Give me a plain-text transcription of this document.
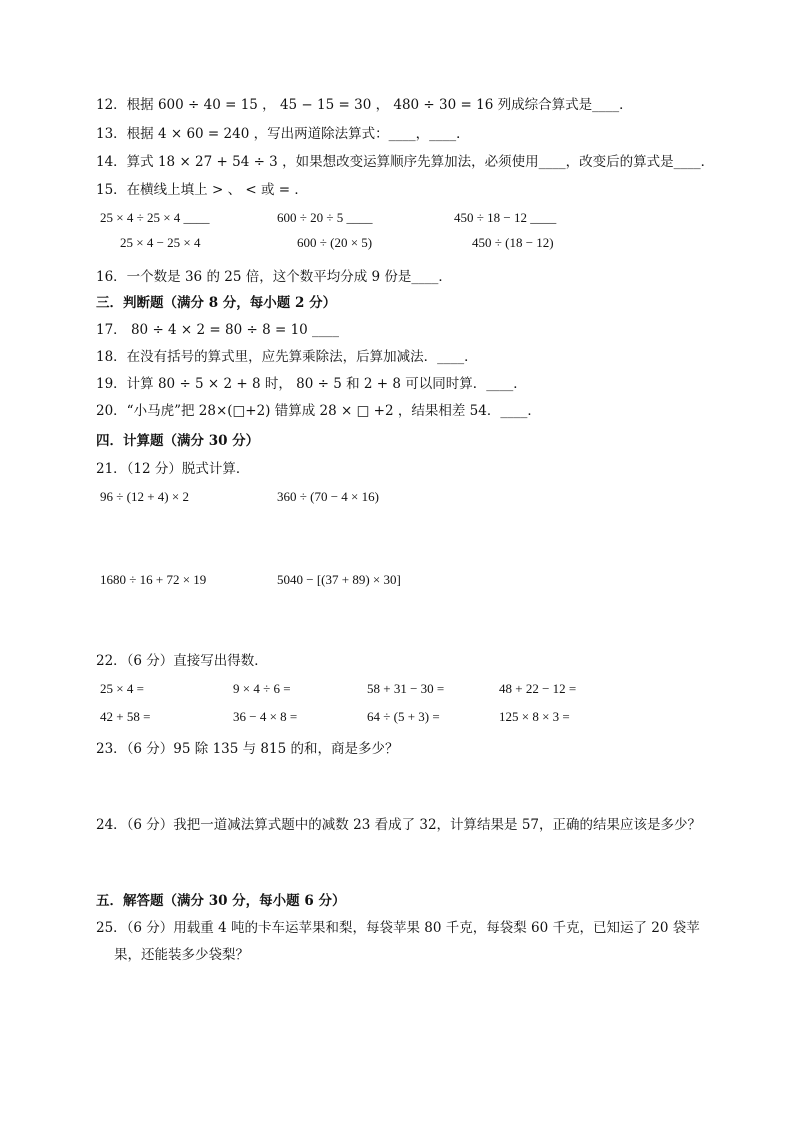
12．根据 600 ÷ 40 = 15 ， 45 − 15 = 30 ， 480 ÷ 30 = 16 列成综合算式是____．
13．根据 4 × 60 = 240 ，写出两道除法算式：____，____．
14．算式 18 × 27 + 54 ÷ 3 ，如果想改变运算顺序先算加法，必须使用____，改变后的算式是____．
15．在横线上填上 > 、 < 或 = ．
25 × 4 ÷ 25 × 4 ____	600 ÷ 20 ÷ 5 ____	450 ÷ 18 − 12 ____
25 × 4 − 25 × 4	600 ÷ (20 × 5)	450 ÷ (18 − 12)
16．一个数是 36 的 25 倍，这个数平均分成 9 份是____．
三．判断题（满分 8 分，每小题 2 分）
17． 80 ÷ 4 × 2 = 80 ÷ 8 = 10 ____
18．在没有括号的算式里，应先算乘除法，后算加减法．____．
19．计算 80 ÷ 5 × 2 + 8 时， 80 ÷ 5 和 2 + 8 可以同时算．____．
20．“小马虎”把 28×(□+2) 错算成 28 × □ +2 ，结果相差 54．____．
四．计算题（满分 30 分）
21．（12 分）脱式计算．
96 ÷ (12 + 4) × 2	360 ÷ (70 − 4 × 16)
1680 ÷ 16 + 72 × 19	5040 − [(37 + 89) × 30]
22．（6 分）直接写出得数．
25 × 4 =	9 × 4 ÷ 6 =	58 + 31 − 30 =	48 + 22 − 12 =
42 + 58 =	36 − 4 × 8 =	64 ÷ (5 + 3) =	125 × 8 × 3 =
23．（6 分）95 除 135 与 815 的和，商是多少？
24．（6 分）我把一道减法算式题中的减数 23 看成了 32，计算结果是 57，正确的结果应该是多少？
五．解答题（满分 30 分，每小题 6 分）
25．（6 分）用载重 4 吨的卡车运苹果和梨，每袋苹果 80 千克，每袋梨 60 千克，已知运了 20 袋苹
果，还能装多少袋梨？
